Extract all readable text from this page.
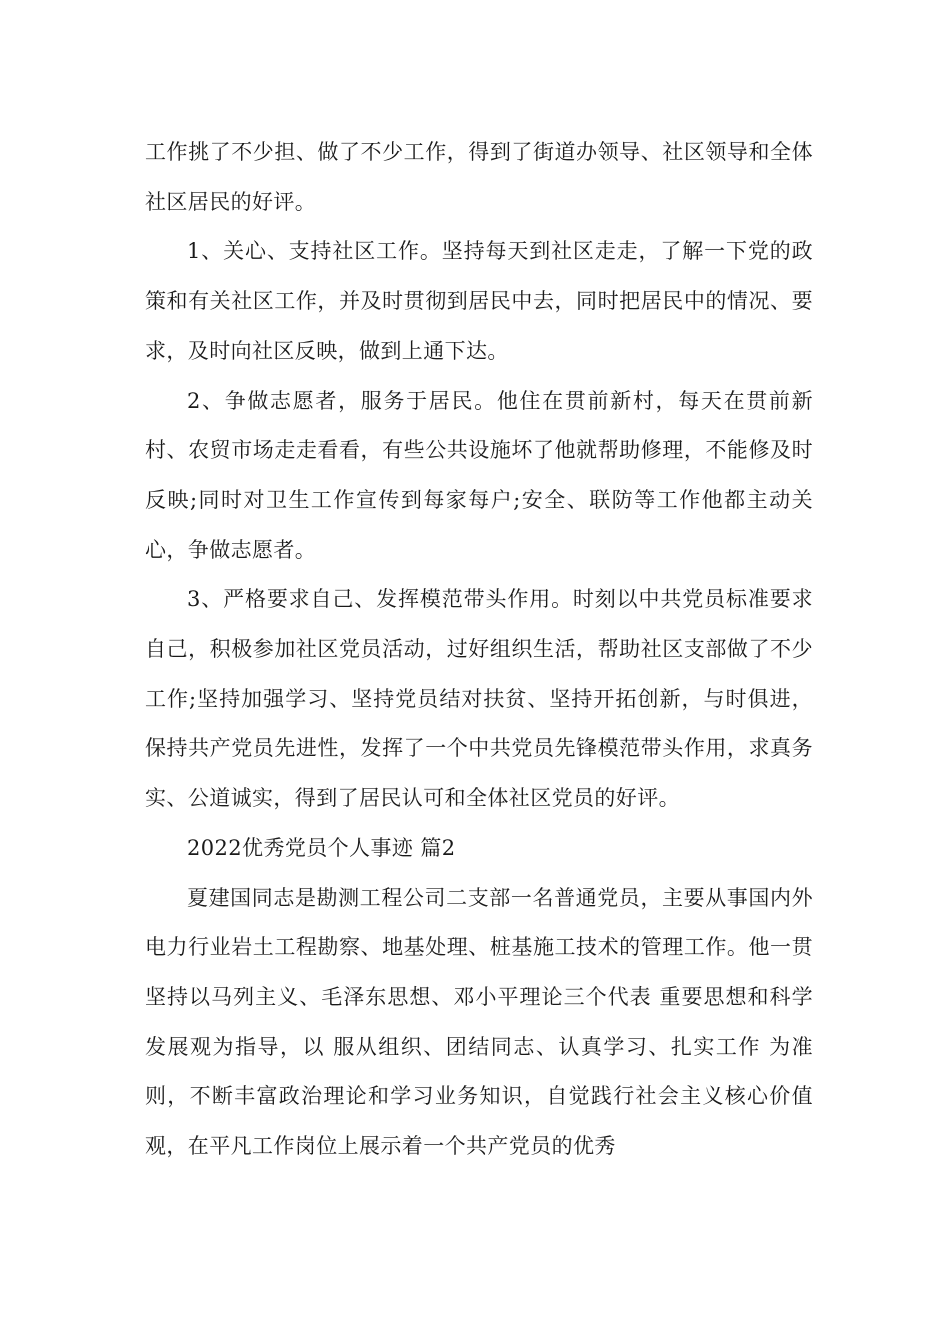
工作挑了不少担、做了不少工作，得到了街道办领导、社区领导和全体社区居民的好评。

1、关心、支持社区工作。坚持每天到社区走走，了解一下党的政策和有关社区工作，并及时贯彻到居民中去，同时把居民中的情况、要求，及时向社区反映，做到上通下达。

2、争做志愿者，服务于居民。他住在贯前新村，每天在贯前新村、农贸市场走走看看，有些公共设施坏了他就帮助修理，不能修及时反映;同时对卫生工作宣传到每家每户;安全、联防等工作他都主动关心，争做志愿者。

3、严格要求自己、发挥模范带头作用。时刻以中共党员标准要求自己，积极参加社区党员活动，过好组织生活，帮助社区支部做了不少工作;坚持加强学习、坚持党员结对扶贫、坚持开拓创新，与时俱进，保持共产党员先进性，发挥了一个中共党员先锋模范带头作用，求真务实、公道诚实，得到了居民认可和全体社区党员的好评。

2022优秀党员个人事迹 篇2

夏建国同志是勘测工程公司二支部一名普通党员，主要从事国内外电力行业岩土工程勘察、地基处理、桩基施工技术的管理工作。他一贯坚持以马列主义、毛泽东思想、邓小平理论三个代表 重要思想和科学发展观为指导，以 服从组织、团结同志、认真学习、扎实工作 为准则，不断丰富政治理论和学习业务知识，自觉践行社会主义核心价值观，在平凡工作岗位上展示着一个共产党员的优秀
